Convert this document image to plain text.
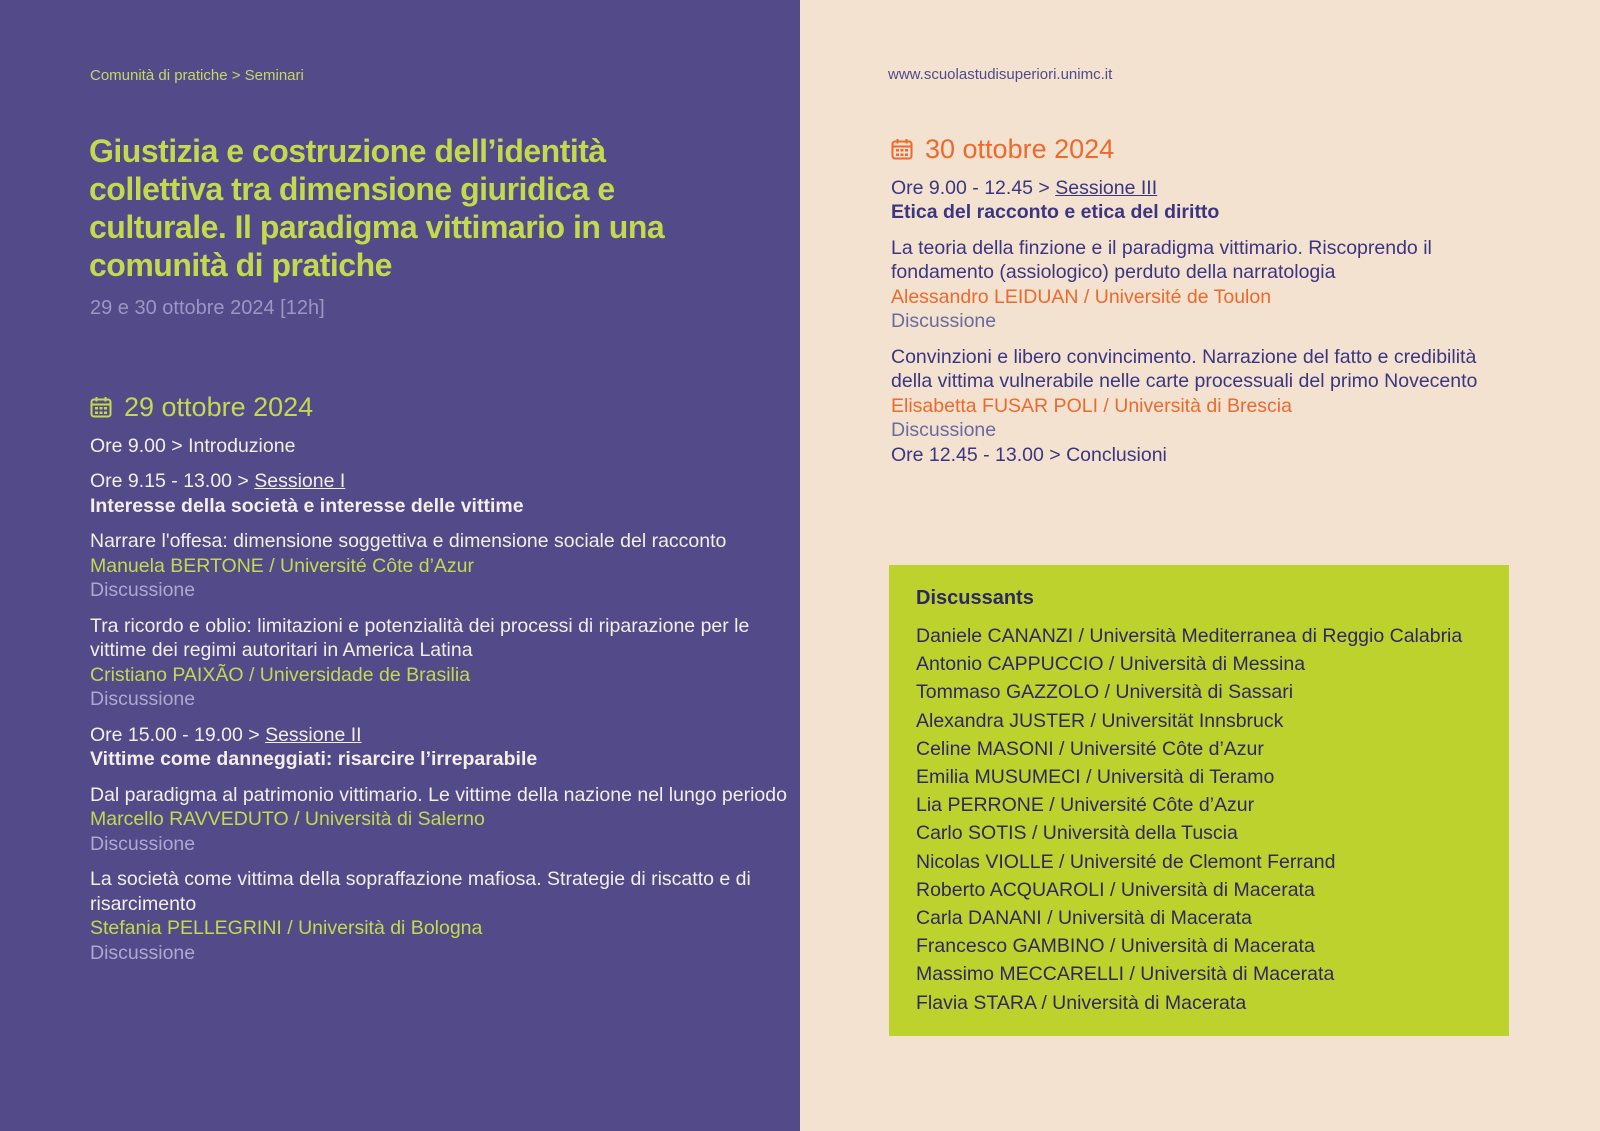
Comunità di pratiche > Seminari
Giustizia e costruzione dell’identità collettiva tra dimensione giuridica e culturale. Il paradigma vittimario in una comunità di pratiche
29 e 30 ottobre 2024 [12h]
29 ottobre 2024

Ore 9.00 > Introduzione

Ore 9.15 - 13.00 > Sessione I

Interesse della società e interesse delle vittime

Narrare l'offesa: dimensione soggettiva e dimensione sociale del racconto

Manuela BERTONE / Université Côte d’Azur

Discussione

Tra ricordo e oblio: limitazioni e potenzialità dei processi di riparazione per le vittime dei regimi autoritari in America Latina

Cristiano PAIXÃO / Universidade de Brasilia

Discussione

Ore 15.00 - 19.00 > Sessione II

Vittime come danneggiati: risarcire l’irreparabile

Dal paradigma al patrimonio vittimario. Le vittime della nazione nel lungo periodo

Marcello RAVVEDUTO / Università di Salerno

Discussione

La società come vittima della sopraffazione mafiosa. Strategie di riscatto e di risarcimento

Stefania PELLEGRINI / Università di Bologna

Discussione

www.scuolastudisuperiori.unimc.it
30 ottobre 2024

Ore 9.00 - 12.45 > Sessione III

Etica del racconto e etica del diritto

La teoria della finzione e il paradigma vittimario. Riscoprendo il fondamento (assiologico) perduto della narratologia

Alessandro LEIDUAN / Université de Toulon

Discussione

Convinzioni e libero convincimento. Narrazione del fatto e credibilità della vittima vulnerabile nelle carte processuali del primo Novecento

Elisabetta FUSAR POLI / Università di Brescia

Discussione

Ore 12.45 - 13.00 > Conclusioni

Discussants
Daniele CANANZI / Università Mediterranea di Reggio Calabria
Antonio CAPPUCCIO / Università di Messina
Tommaso GAZZOLO / Università di Sassari
Alexandra JUSTER / Universität Innsbruck
Celine MASONI / Université Côte d’Azur
Emilia MUSUMECI / Università di Teramo
Lia PERRONE / Université Côte d’Azur
Carlo SOTIS / Università della Tuscia
Nicolas VIOLLE / Université de Clemont Ferrand
Roberto ACQUAROLI / Università di Macerata
Carla DANANI / Università di Macerata
Francesco GAMBINO / Università di Macerata
Massimo MECCARELLI / Università di Macerata
Flavia STARA / Università di Macerata
